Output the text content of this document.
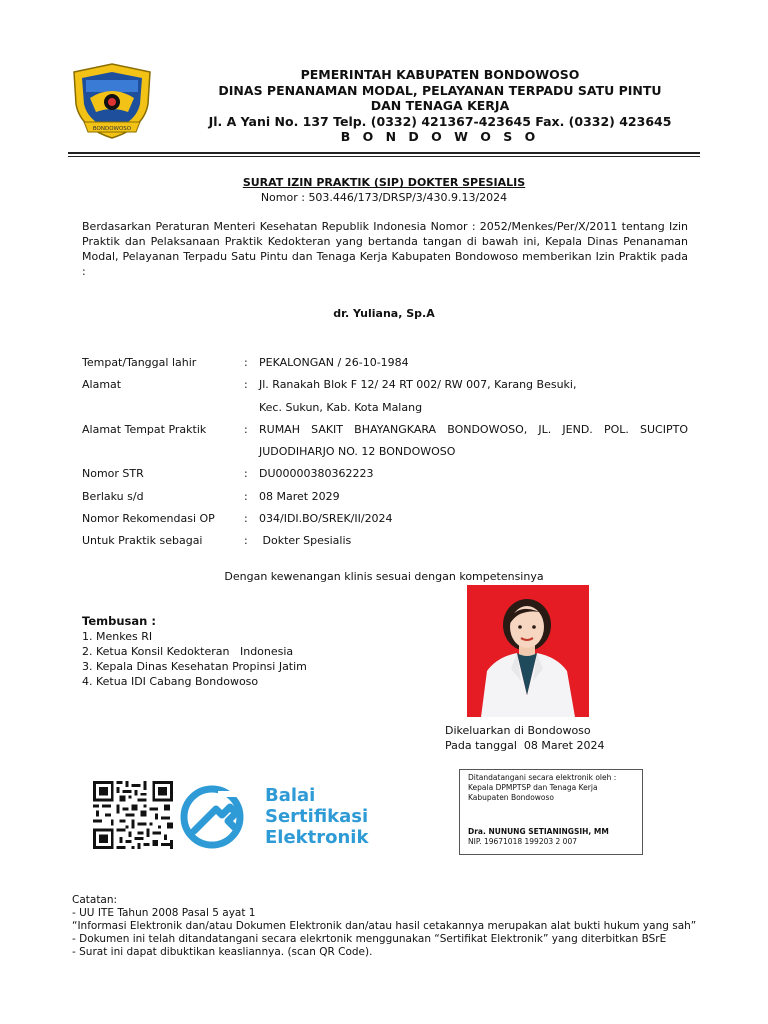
BONDOWOSO
PEMERINTAH KABUPATEN BONDOWOSO
DINAS PENANAMAN MODAL, PELAYANAN TERPADU SATU PINTU
DAN TENAGA KERJA
Jl. A Yani No. 137 Telp. (0332) 421367-423645 Fax. (0332) 423645
B O N D O W O S O
SURAT IZIN PRAKTIK (SIP) DOKTER SPESIALIS
Nomor : 503.446/173/DRSP/3/430.9.13/2024
Berdasarkan Peraturan Menteri Kesehatan Republik Indonesia Nomor : 2052/Menkes/Per/X/2011 tentang Izin Praktik dan Pelaksanaan Praktik Kedokteran yang bertanda tangan di bawah ini, Kepala Dinas Penanaman Modal, Pelayanan Terpadu Satu Pintu dan Tenaga Kerja Kabupaten Bondowoso memberikan Izin Praktik pada :
dr. Yuliana, Sp.A
Tempat/Tanggal lahir	: PEKALONGAN / 26-10-1984
Alamat	: Jl. Ranakah Blok F 12/ 24 RT 002/ RW 007, Karang Besuki,
Kec. Sukun, Kab. Kota Malang
Alamat Tempat Praktik	: RUMAH SAKIT BHAYANGKARA BONDOWOSO, JL. JEND. POL. SUCIPTO
JUDODIHARJO NO. 12 BONDOWOSO
Nomor STR	: DU00000380362223
Berlaku s/d	: 08 Maret 2029
Nomor Rekomendasi OP	: 034/IDI.BO/SREK/II/2024
Untuk Praktik sebagai	: Dokter Spesialis
Dengan kewenangan klinis sesuai dengan kompetensinya
Tembusan :
1. Menkes RI
2. Ketua Konsil Kedokteran   Indonesia
3. Kepala Dinas Kesehatan Propinsi Jatim
4. Ketua IDI Cabang Bondowoso
Dikeluarkan di Bondowoso
Pada tanggal  08 Maret 2024
Balai
Sertifikasi
Elektronik
Ditandatangani secara elektronik oleh :
Kepala DPMPTSP dan Tenaga Kerja
Kabupaten Bondowoso
Dra. NUNUNG SETIANINGSIH, MM
NIP. 19671018 199203 2 007
Catatan:
- UU ITE Tahun 2008 Pasal 5 ayat 1
“Informasi Elektronik dan/atau Dokumen Elektronik dan/atau hasil cetakannya merupakan alat bukti hukum yang sah”
- Dokumen ini telah ditandatangani secara elekrtonik menggunakan “Sertifikat Elektronik” yang diterbitkan BSrE
- Surat ini dapat dibuktikan keasliannya. (scan QR Code).
